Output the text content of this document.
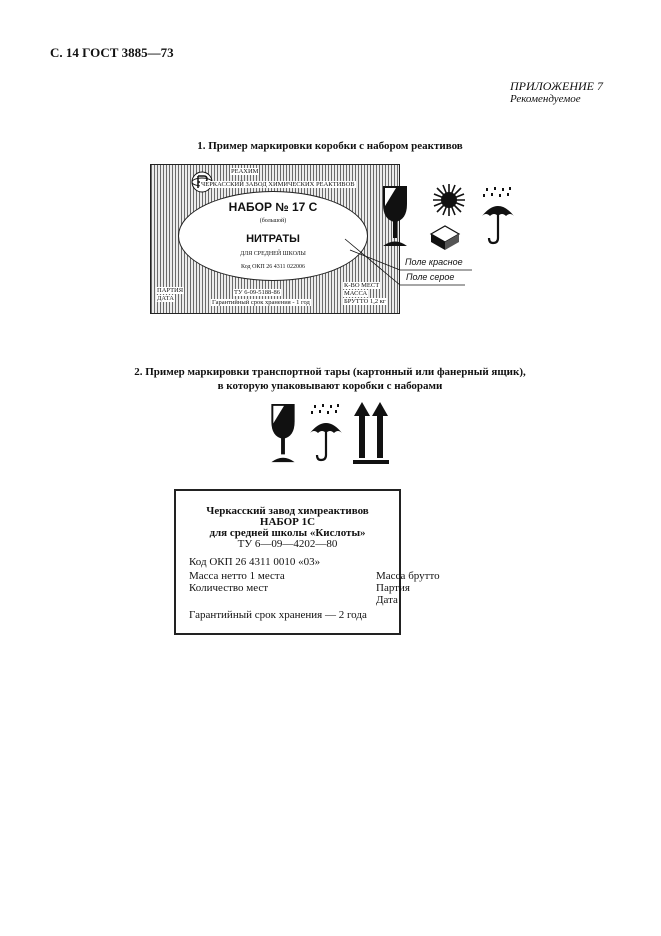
С. 14 ГОСТ 3885—73
ПРИЛОЖЕНИЕ 7
Рекомендуемое
1. Пример маркировки коробки с набором реактивов
РЕАХИМ
ЧЕРКАССКИЙ ЗАВОД ХИМИЧЕСКИХ РЕАКТИВОВ
НАБОР № 17 С
(большой)
НИТРАТЫ
ДЛЯ СРЕДНЕЙ ШКОЛЫ
Код ОКП 26 4311 022006
ПАРТИЯ
ДАТА
ТУ 6-09-5188-86
Гарантийный срок хранения - 1 год
К-ВО МЕСТ
МАССА
БРУТТО 1,2 кг
Поле красное
Поле серое
2. Пример маркировки транспортной тары (картонный или фанерный ящик),
в которую упаковывают коробки с наборами
Черкасский завод химреактивов
НАБОР 1С
для средней школы «Кислоты»
ТУ 6—09—4202—80
Код ОКП 26 4311 0010 «03»
Масса нетто 1 места
Количество мест
Масса брутто
Партия
Дата
Гарантийный срок хранения — 2 года
